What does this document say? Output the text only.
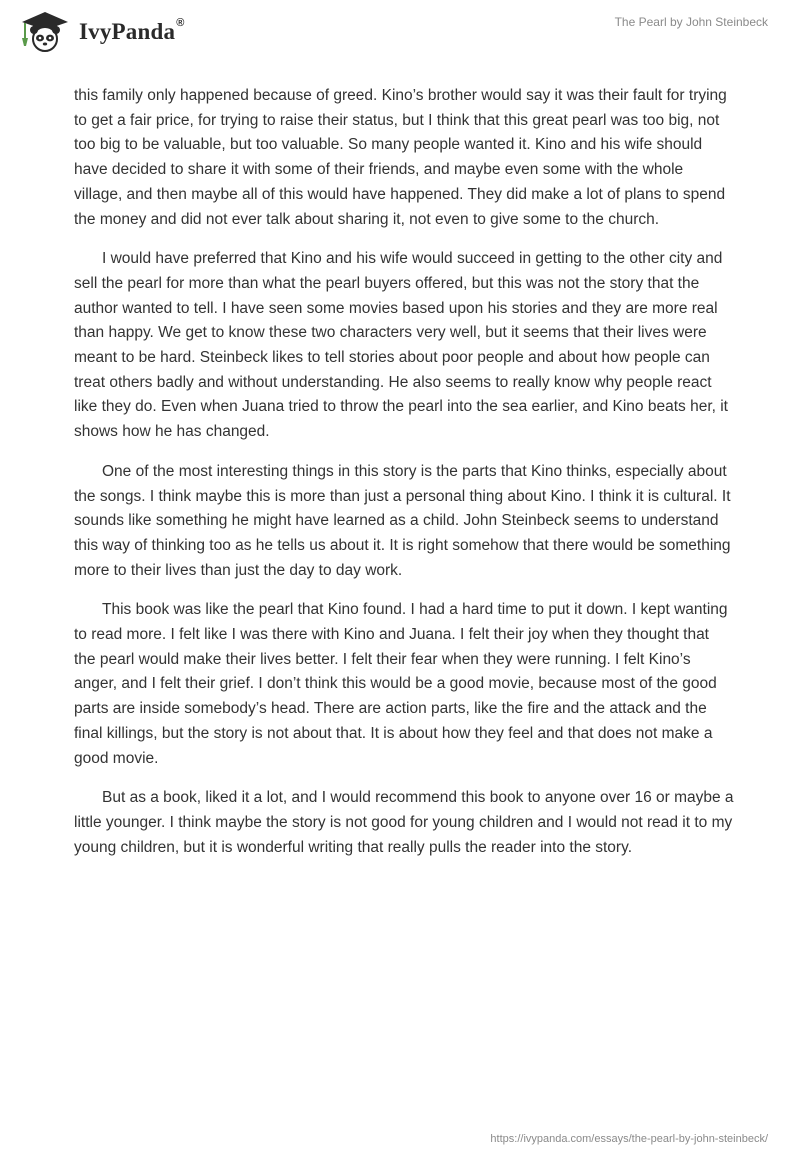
IvyPanda®	The Pearl by John Steinbeck

this family only happened because of greed. Kino’s brother would say it was their fault for trying to get a fair price, for trying to raise their status, but I think that this great pearl was too big, not too big to be valuable, but too valuable. So many people wanted it. Kino and his wife should have decided to share it with some of their friends, and maybe even some with the whole village, and then maybe all of this would have happened. They did make a lot of plans to spend the money and did not ever talk about sharing it, not even to give some to the church.

I would have preferred that Kino and his wife would succeed in getting to the other city and sell the pearl for more than what the pearl buyers offered, but this was not the story that the author wanted to tell. I have seen some movies based upon his stories and they are more real than happy. We get to know these two characters very well, but it seems that their lives were meant to be hard. Steinbeck likes to tell stories about poor people and about how people can treat others badly and without understanding. He also seems to really know why people react like they do. Even when Juana tried to throw the pearl into the sea earlier, and Kino beats her, it shows how he has changed.

One of the most interesting things in this story is the parts that Kino thinks, especially about the songs. I think maybe this is more than just a personal thing about Kino. I think it is cultural. It sounds like something he might have learned as a child. John Steinbeck seems to understand this way of thinking too as he tells us about it. It is right somehow that there would be something more to their lives than just the day to day work.

This book was like the pearl that Kino found. I had a hard time to put it down. I kept wanting to read more. I felt like I was there with Kino and Juana. I felt their joy when they thought that the pearl would make their lives better. I felt their fear when they were running. I felt Kino’s anger, and I felt their grief. I don’t think this would be a good movie, because most of the good parts are inside somebody’s head. There are action parts, like the fire and the attack and the final killings, but the story is not about that. It is about how they feel and that does not make a good movie.

But as a book, liked it a lot, and I would recommend this book to anyone over 16 or maybe a little younger. I think maybe the story is not good for young children and I would not read it to my young children, but it is wonderful writing that really pulls the reader into the story.

https://ivypanda.com/essays/the-pearl-by-john-steinbeck/
